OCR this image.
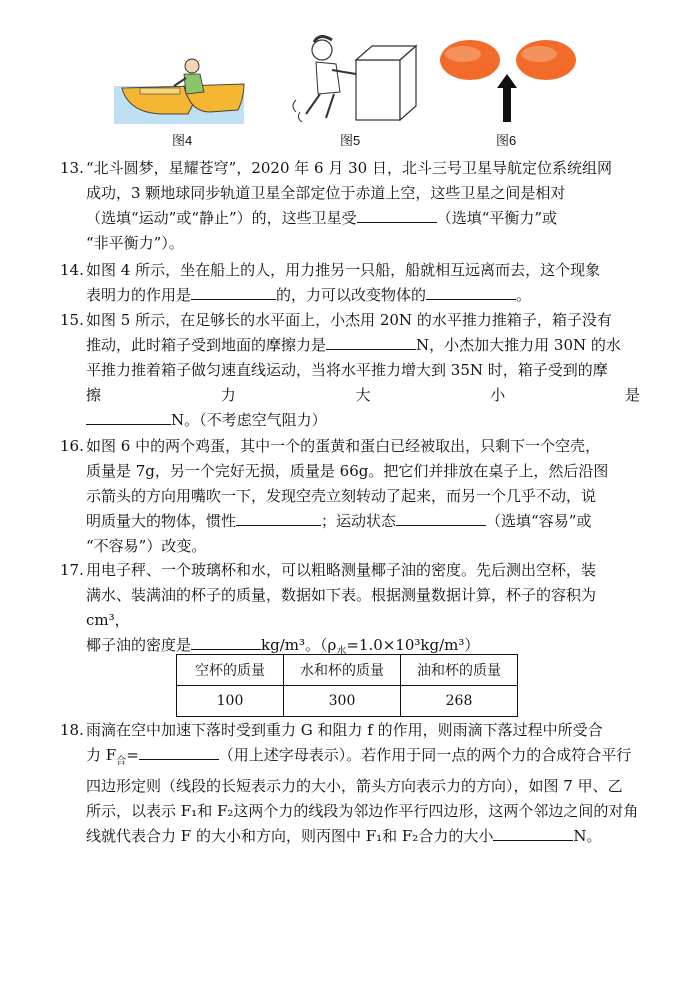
图4	图5	图6
13. “北斗圆梦，星耀苍穹”，2020 年 6 月 30 日，北斗三号卫星导航定位系统组网
成功，3 颗地球同步轨道卫星全部定位于赤道上空，这些卫星之间是相对
（选填“运动”或“静止”）的，这些卫星受	（选填“平衡力”或
“非平衡力”）。
14. 如图 4 所示，坐在船上的人，用力推另一只船，船就相互远离而去，这个现象
表明力的作用是	的，力可以改变物体的	。
15. 如图 5 所示，在足够长的水平面上，小杰用 20N 的水平推力推箱子，箱子没有
推动，此时箱子受到地面的摩擦力是	N，小杰加大推力用 30N 的水
平推力推着箱子做匀速直线运动，当将水平推力增大到 35N 时，箱子受到的摩
擦	力	大	小	是
N。（不考虑空气阻力）
16. 如图 6 中的两个鸡蛋，其中一个的蛋黄和蛋白已经被取出，只剩下一个空壳，
质量是 7g，另一个完好无损，质量是 66g。把它们并排放在桌子上，然后沿图
示箭头的方向用嘴吹一下，发现空壳立刻转动了起来，而另一个几乎不动，说
明质量大的物体，惯性	；运动状态	（选填“容易”或
“不容易”）改变。
17. 用电子秤、一个玻璃杯和水，可以粗略测量椰子油的密度。先后测出空杯，装
满水、装满油的杯子的质量，数据如下表。根据测量数据计算，杯子的容积为
cm³，
椰子油的密度是	kg/m³。$(\rho_水=1.0\times 10^3kg/m^3)$
空杯的质量	水和杯的质量	油和杯的质量
100	300	268
18. 雨滴在空中加速下落时受到重力 G 和阻力 f 的作用，则雨滴下落过程中所受合
力 $F_合=$	（用上述字母表示）。若作用于同一点的两个力的合成符合平行
四边形定则（线段的长短表示力的大小，箭头方向表示力的方向），如图 7 甲、乙
所示，以表示 F₁和 F₂这两个力的线段为邻边作平行四边形，这两个邻边之间的对角
线就代表合力 F 的大小和方向，则丙图中 F₁和 F₂合力的大小	N。
